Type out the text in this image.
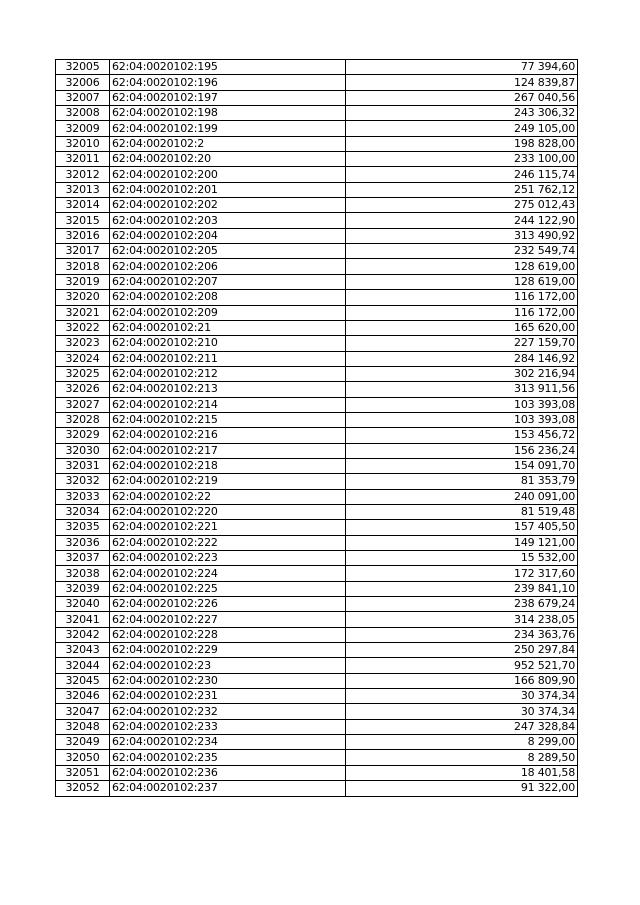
32005	62:04:0020102:195	77 394,60
32006	62:04:0020102:196	124 839,87
32007	62:04:0020102:197	267 040,56
32008	62:04:0020102:198	243 306,32
32009	62:04:0020102:199	249 105,00
32010	62:04:0020102:2	198 828,00
32011	62:04:0020102:20	233 100,00
32012	62:04:0020102:200	246 115,74
32013	62:04:0020102:201	251 762,12
32014	62:04:0020102:202	275 012,43
32015	62:04:0020102:203	244 122,90
32016	62:04:0020102:204	313 490,92
32017	62:04:0020102:205	232 549,74
32018	62:04:0020102:206	128 619,00
32019	62:04:0020102:207	128 619,00
32020	62:04:0020102:208	116 172,00
32021	62:04:0020102:209	116 172,00
32022	62:04:0020102:21	165 620,00
32023	62:04:0020102:210	227 159,70
32024	62:04:0020102:211	284 146,92
32025	62:04:0020102:212	302 216,94
32026	62:04:0020102:213	313 911,56
32027	62:04:0020102:214	103 393,08
32028	62:04:0020102:215	103 393,08
32029	62:04:0020102:216	153 456,72
32030	62:04:0020102:217	156 236,24
32031	62:04:0020102:218	154 091,70
32032	62:04:0020102:219	81 353,79
32033	62:04:0020102:22	240 091,00
32034	62:04:0020102:220	81 519,48
32035	62:04:0020102:221	157 405,50
32036	62:04:0020102:222	149 121,00
32037	62:04:0020102:223	15 532,00
32038	62:04:0020102:224	172 317,60
32039	62:04:0020102:225	239 841,10
32040	62:04:0020102:226	238 679,24
32041	62:04:0020102:227	314 238,05
32042	62:04:0020102:228	234 363,76
32043	62:04:0020102:229	250 297,84
32044	62:04:0020102:23	952 521,70
32045	62:04:0020102:230	166 809,90
32046	62:04:0020102:231	30 374,34
32047	62:04:0020102:232	30 374,34
32048	62:04:0020102:233	247 328,84
32049	62:04:0020102:234	8 299,00
32050	62:04:0020102:235	8 289,50
32051	62:04:0020102:236	18 401,58
32052	62:04:0020102:237	91 322,00
